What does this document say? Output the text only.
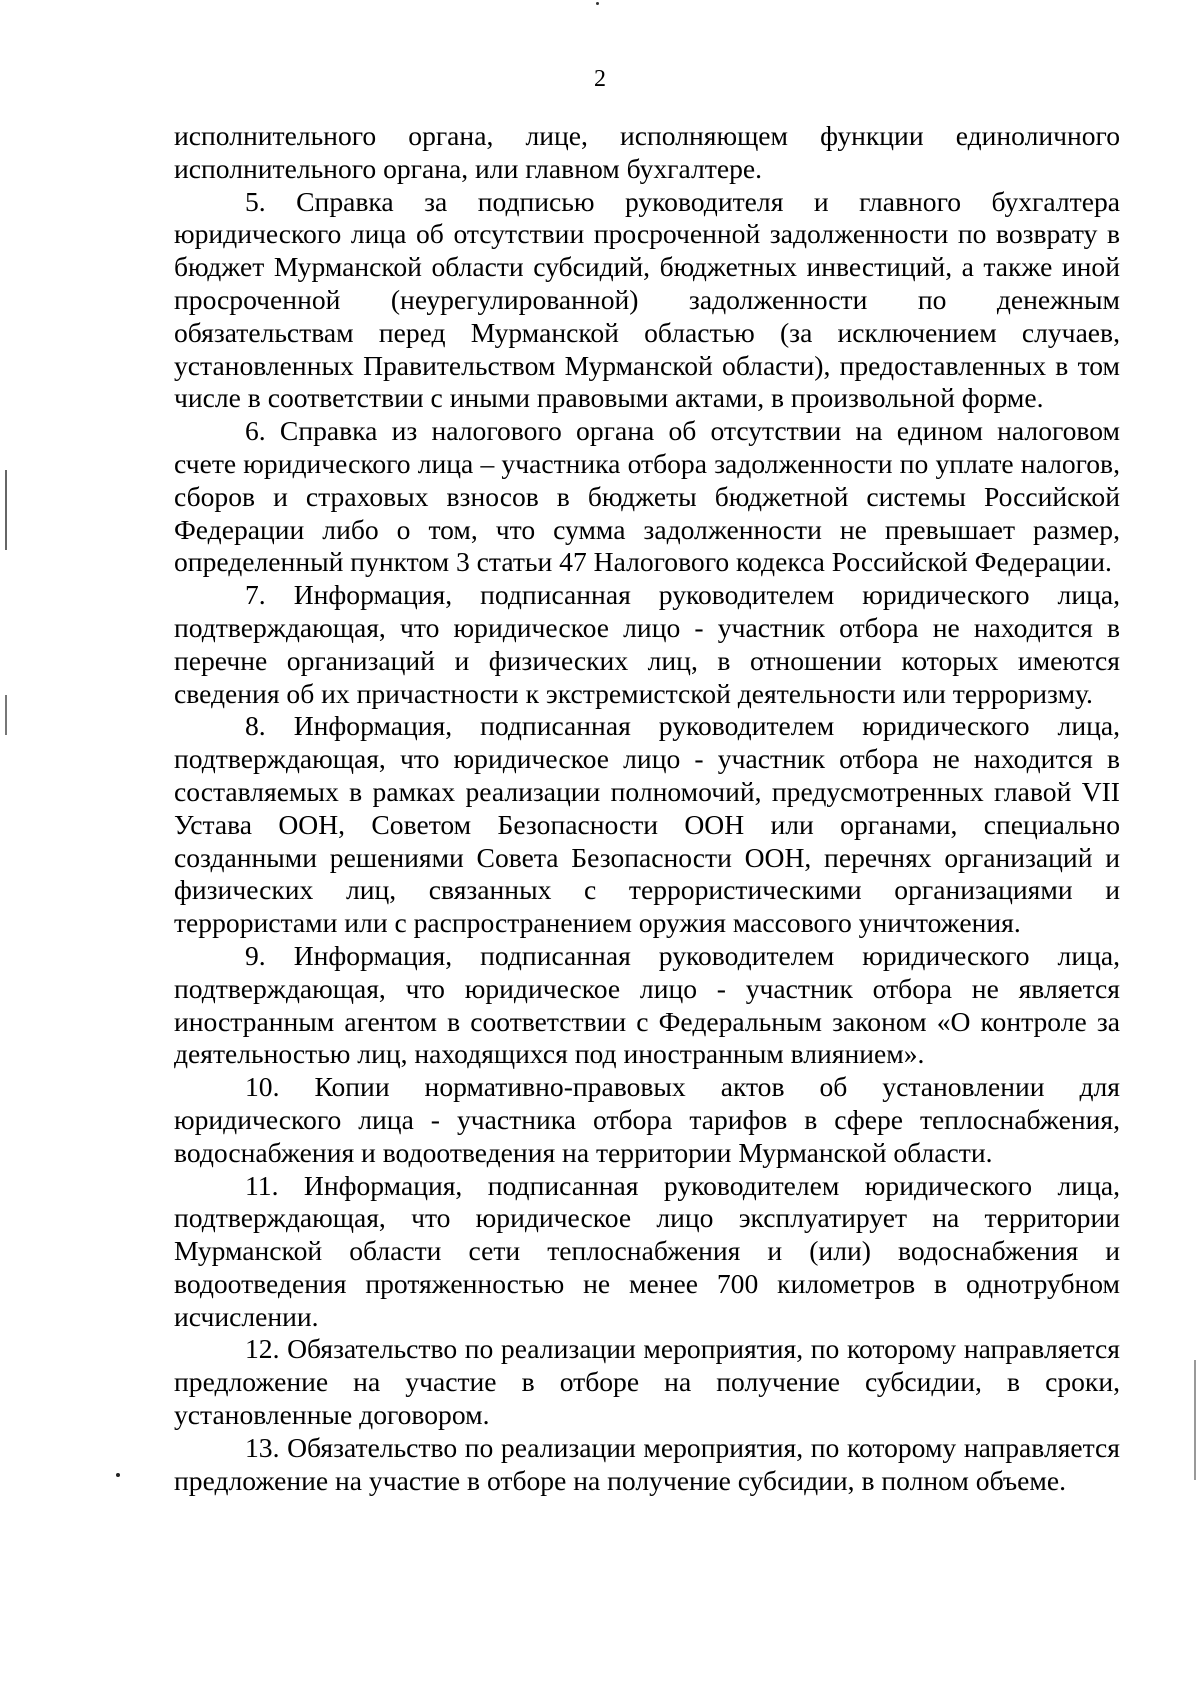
2

исполнительного органа, лице, исполняющем функции единоличного исполнительного органа, или главном бухгалтере.

5. Справка за подписью руководителя и главного бухгалтера юридического лица об отсутствии просроченной задолженности по возврату в бюджет Мурманской области субсидий, бюджетных инвестиций, а также иной просроченной (неурегулированной) задолженности по денежным обязательствам перед Мурманской областью (за исключением случаев, установленных Правительством Мурманской области), предоставленных в том числе в соответствии с иными правовыми актами, в произвольной форме.

6. Справка из налогового органа об отсутствии на едином налоговом счете юридического лица – участника отбора задолженности по уплате налогов, сборов и страховых взносов в бюджеты бюджетной системы Российской Федерации либо о том, что сумма задолженности не превышает размер, определенный пунктом 3 статьи 47 Налогового кодекса Российской Федерации.

7. Информация, подписанная руководителем юридического лица, подтверждающая, что юридическое лицо - участник отбора не находится в перечне организаций и физических лиц, в отношении которых имеются сведения об их причастности к экстремистской деятельности или терроризму.

8. Информация, подписанная руководителем юридического лица, подтверждающая, что юридическое лицо - участник отбора не находится в составляемых в рамках реализации полномочий, предусмотренных главой VII Устава ООН, Советом Безопасности ООН или органами, специально созданными решениями Совета Безопасности ООН, перечнях организаций и физических лиц, связанных с террористическими организациями и террористами или с распространением оружия массового уничтожения.

9. Информация, подписанная руководителем юридического лица, подтверждающая, что юридическое лицо - участник отбора не является иностранным агентом в соответствии с Федеральным законом «О контроле за деятельностью лиц, находящихся под иностранным влиянием».

10. Копии нормативно-правовых актов об установлении для юридического лица - участника отбора тарифов в сфере теплоснабжения, водоснабжения и водоотведения на территории Мурманской области.

11. Информация, подписанная руководителем юридического лица, подтверждающая, что юридическое лицо эксплуатирует на территории Мурманской области сети теплоснабжения и (или) водоснабжения и водоотведения протяженностью не менее 700 километров в однотрубном исчислении.

12. Обязательство по реализации мероприятия, по которому направляется предложение на участие в отборе на получение субсидии, в сроки, установленные договором.

13. Обязательство по реализации мероприятия, по которому направляется предложение на участие в отборе на получение субсидии, в полном объеме.
